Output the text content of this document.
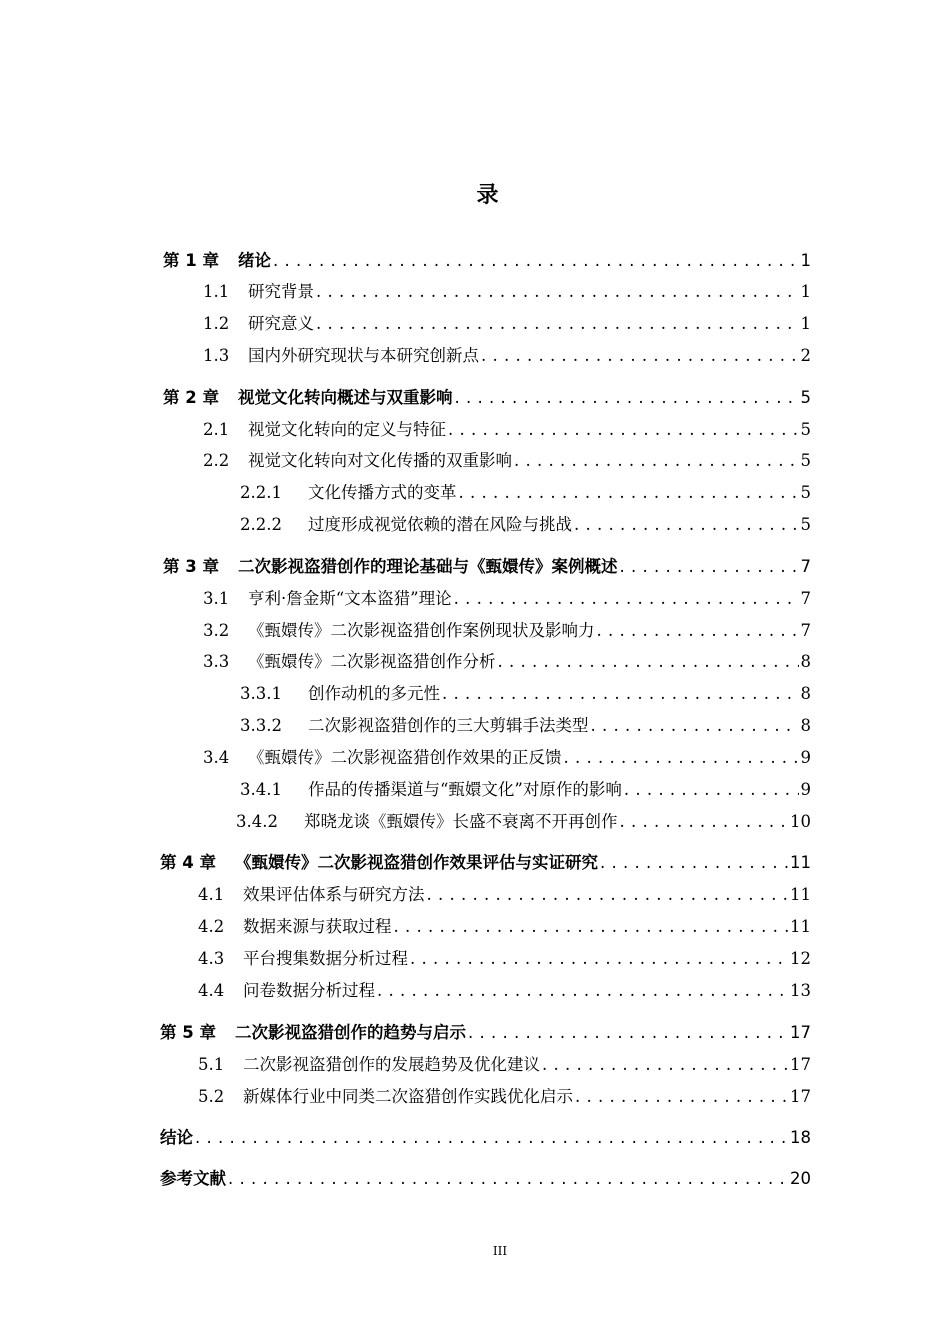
录
第 1 章	绪论 . . .	1
1.1	研究背景 . . .	1
1.2	研究意义 . . .	1
1.3	国内外研究现状与本研究创新点 . . .	2
第 2 章	视觉文化转向概述与双重影响 . . .	5
2.1	视觉文化转向的定义与特征 . . .	5
2.2	视觉文化转向对文化传播的双重影响 . . .	5
2.2.1	文化传播方式的变革 . . .	5
2.2.2	过度形成视觉依赖的潜在风险与挑战 . . .	5
第 3 章	二次影视盗猎创作的理论基础与《甄嬛传》案例概述 . . .	7
3.1	亨利·詹金斯“文本盗猎”理论 . . .	7
3.2	《甄嬛传》二次影视盗猎创作案例现状及影响力 . . .	7
3.3	《甄嬛传》二次影视盗猎创作分析 . . .	8
3.3.1	创作动机的多元性 . . .	8
3.3.2	二次影视盗猎创作的三大剪辑手法类型 . . .	8
3.4	《甄嬛传》二次影视盗猎创作效果的正反馈 . . .	9
3.4.1	作品的传播渠道与“甄嬛文化”对原作的影响 . . .	9
3.4.2	郑晓龙谈《甄嬛传》长盛不衰离不开再创作 . . .	10
第 4 章	《甄嬛传》二次影视盗猎创作效果评估与实证研究 . . .	11
4.1	效果评估体系与研究方法 . . .	11
4.2	数据来源与获取过程 . . .	11
4.3	平台搜集数据分析过程 . . .	12
4.4	问卷数据分析过程 . . .	13
第 5 章	二次影视盗猎创作的趋势与启示 . . .	17
5.1	二次影视盗猎创作的发展趋势及优化建议 . . .	17
5.2	新媒体行业中同类二次盗猎创作实践优化启示 . . .	17
结论 . . .	18
参考文献 . . .	20
III
